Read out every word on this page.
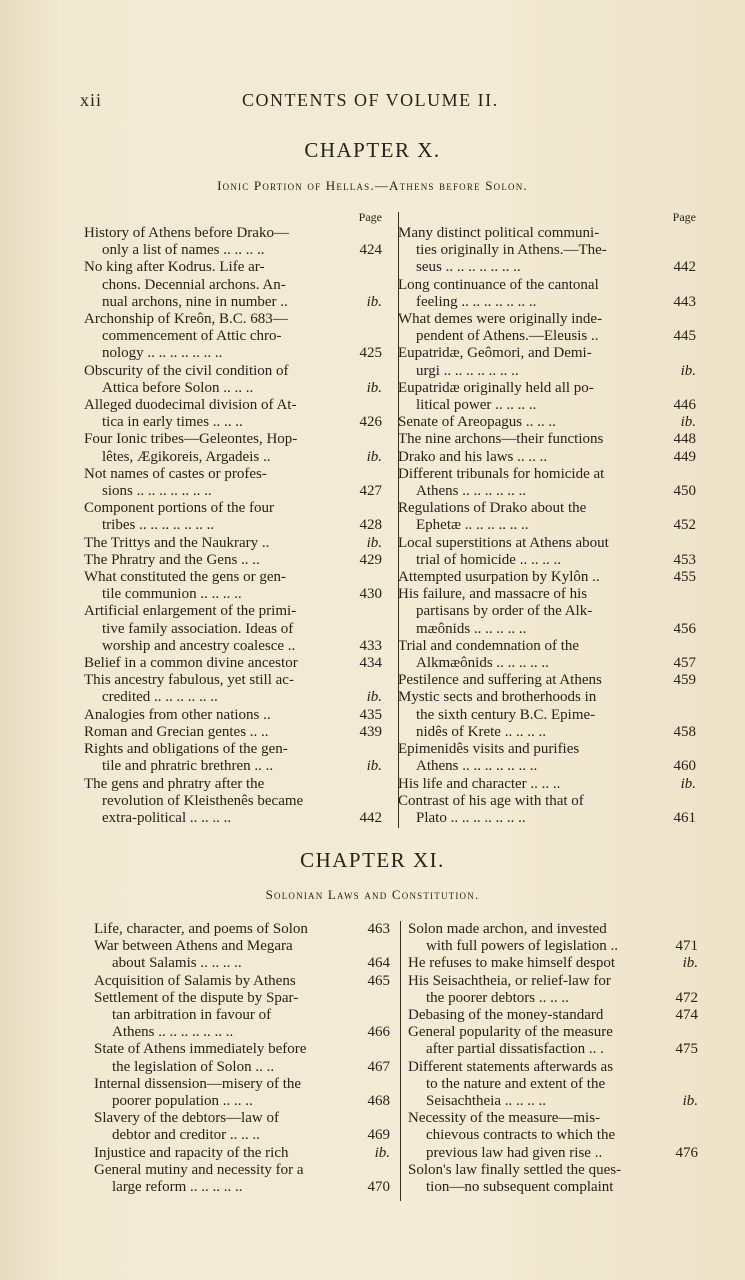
xii	CONTENTS OF VOLUME II.
CHAPTER X.
Ionic Portion of Hellas.—Athens before Solon.
Page
History of Athens before Drako—
only a list of names .. .. .. ..	424
No king after Kodrus. Life ar-
chons. Decennial archons. An-
nual archons, nine in number ..	ib.
Archonship of Kreôn, B.C. 683—
commencement of Attic chro-
nology .. .. .. .. .. .. ..	425
Obscurity of the civil condition of
Attica before Solon .. .. ..	ib.
Alleged duodecimal division of At-
tica in early times .. .. ..	426
Four Ionic tribes—Geleontes, Hop-
lêtes, Ægikoreis, Argadeis ..	ib.
Not names of castes or profes-
sions .. .. .. .. .. .. ..	427
Component portions of the four
tribes .. .. .. .. .. .. ..	428
The Trittys and the Naukrary ..	ib.
The Phratry and the Gens .. ..	429
What constituted the gens or gen-
tile communion .. .. .. ..	430
Artificial enlargement of the primi-
tive family association. Ideas of
worship and ancestry coalesce ..	433
Belief in a common divine ancestor	434
This ancestry fabulous, yet still ac-
credited .. .. .. .. .. ..	ib.
Analogies from other nations ..	435
Roman and Grecian gentes .. ..	439
Rights and obligations of the gen-
tile and phratric brethren .. ..	ib.
The gens and phratry after the
revolution of Kleisthenês became
extra-political .. .. .. ..	442
Page
Many distinct political communi-
ties originally in Athens.—The-
seus .. .. .. .. .. .. ..	442
Long continuance of the cantonal
feeling .. .. .. .. .. .. ..	443
What demes were originally inde-
pendent of Athens.—Eleusis ..	445
Eupatridæ, Geômori, and Demi-
urgi .. .. .. .. .. .. ..	ib.
Eupatridæ originally held all po-
litical power .. .. .. ..	446
Senate of Areopagus .. .. ..	ib.
The nine archons—their functions	448
Drako and his laws .. .. ..	449
Different tribunals for homicide at
Athens .. .. .. .. .. ..	450
Regulations of Drako about the
Ephetæ .. .. .. .. .. ..	452
Local superstitions at Athens about
trial of homicide .. .. .. ..	453
Attempted usurpation by Kylôn ..	455
His failure, and massacre of his
partisans by order of the Alk-
mæônids .. .. .. .. ..	456
Trial and condemnation of the
Alkmæônids .. .. .. .. ..	457
Pestilence and suffering at Athens	459
Mystic sects and brotherhoods in
the sixth century B.C. Epime-
nidês of Krete .. .. .. ..	458
Epimenidês visits and purifies
Athens .. .. .. .. .. .. ..	460
His life and character .. .. ..	ib.
Contrast of his age with that of
Plato .. .. .. .. .. .. ..	461
CHAPTER XI.
Solonian Laws and Constitution.
Life, character, and poems of Solon	463
War between Athens and Megara
about Salamis .. .. .. ..	464
Acquisition of Salamis by Athens	465
Settlement of the dispute by Spar-
tan arbitration in favour of
Athens .. .. .. .. .. .. ..	466
State of Athens immediately before
the legislation of Solon .. ..	467
Internal dissension—misery of the
poorer population .. .. ..	468
Slavery of the debtors—law of
debtor and creditor .. .. ..	469
Injustice and rapacity of the rich	ib.
General mutiny and necessity for a
large reform .. .. .. .. ..	470
Solon made archon, and invested
with full powers of legislation ..	471
He refuses to make himself despot	ib.
His Seisachtheia, or relief-law for
the poorer debtors .. .. ..	472
Debasing of the money-standard	474
General popularity of the measure
after partial dissatisfaction .. .	475
Different statements afterwards as
to the nature and extent of the
Seisachtheia .. .. .. ..	ib.
Necessity of the measure—mis-
chievous contracts to which the
previous law had given rise ..	476
Solon's law finally settled the ques-
tion—no subsequent complaint
